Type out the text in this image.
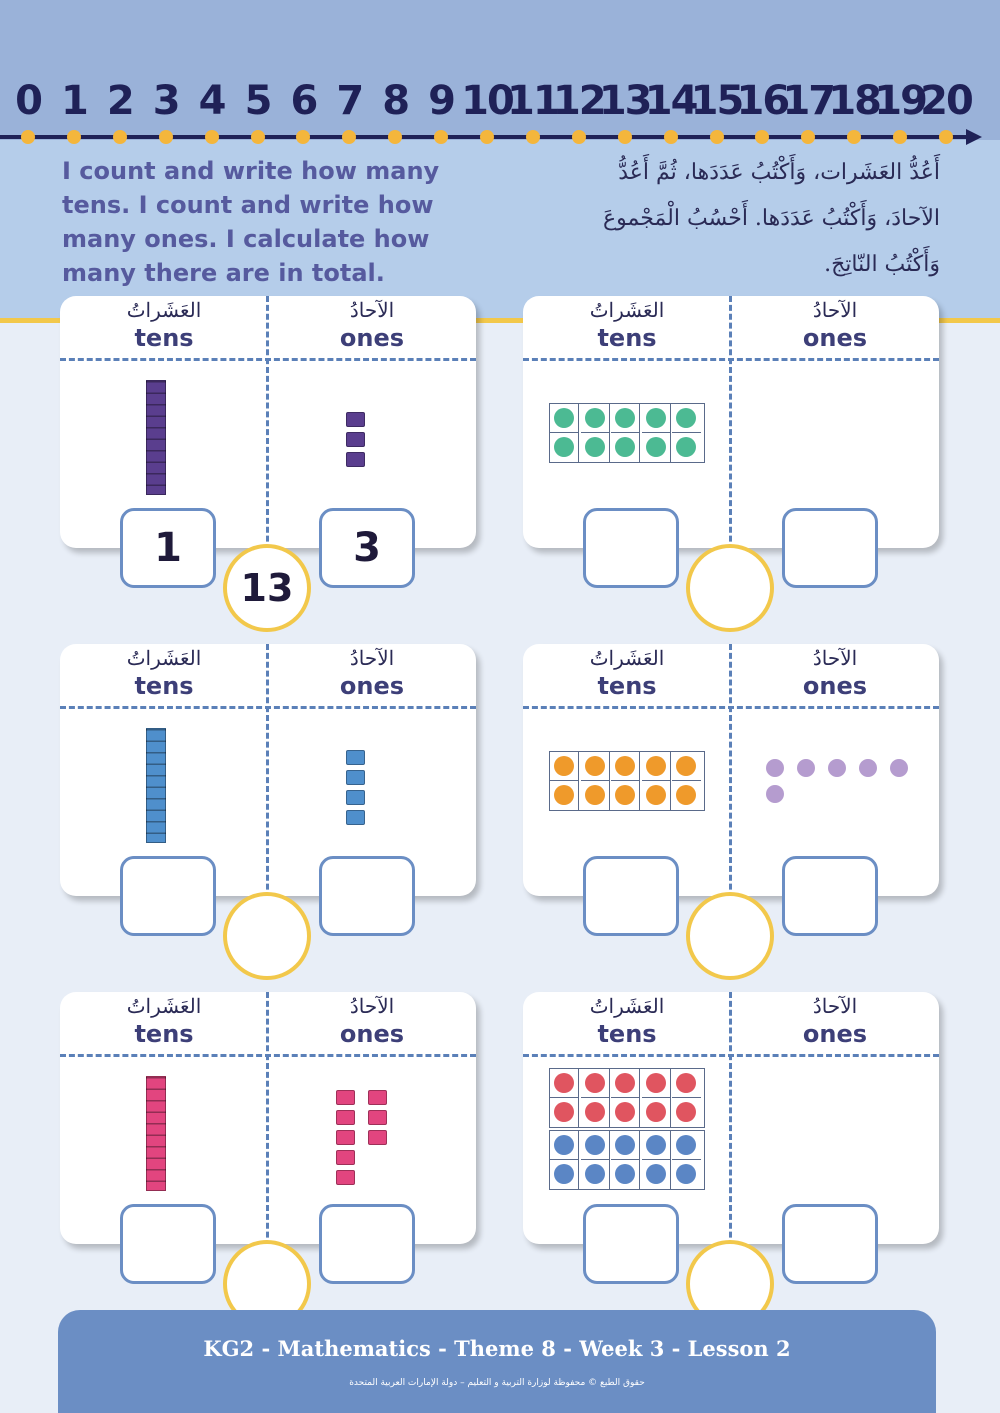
0 1 2 3 4 5 6 7 8 9 10
11
12
13
14
15
16
17
18
19
20
I count and write how many tens. I count and write how many ones. I calculate how many there are in total.
أَعُدُّ العَشَرات، وَأَكْتُبُ عَدَدَها، ثُمَّ أَعُدُّ الآحادَ، وَأَكْتُبُ عَدَدَها. أَحْسُبُ الْمَجْموعَ وَأَكْتُبُ النّاتِجَ.
العَشَراتُ
tens
الآحادُ
ones
1	3
13
العَشَراتُ
tens
الآحادُ
ones
العَشَراتُ
tens
الآحادُ
ones
العَشَراتُ
tens
الآحادُ
ones
العَشَراتُ
tens
الآحادُ
ones
العَشَراتُ
tens
الآحادُ
ones
KG2 - Mathematics - Theme 8 - Week 3 - Lesson 2
حقوق الطبع © محفوظة لوزارة التربية و التعليم – دولة الإمارات العربية المتحدة
